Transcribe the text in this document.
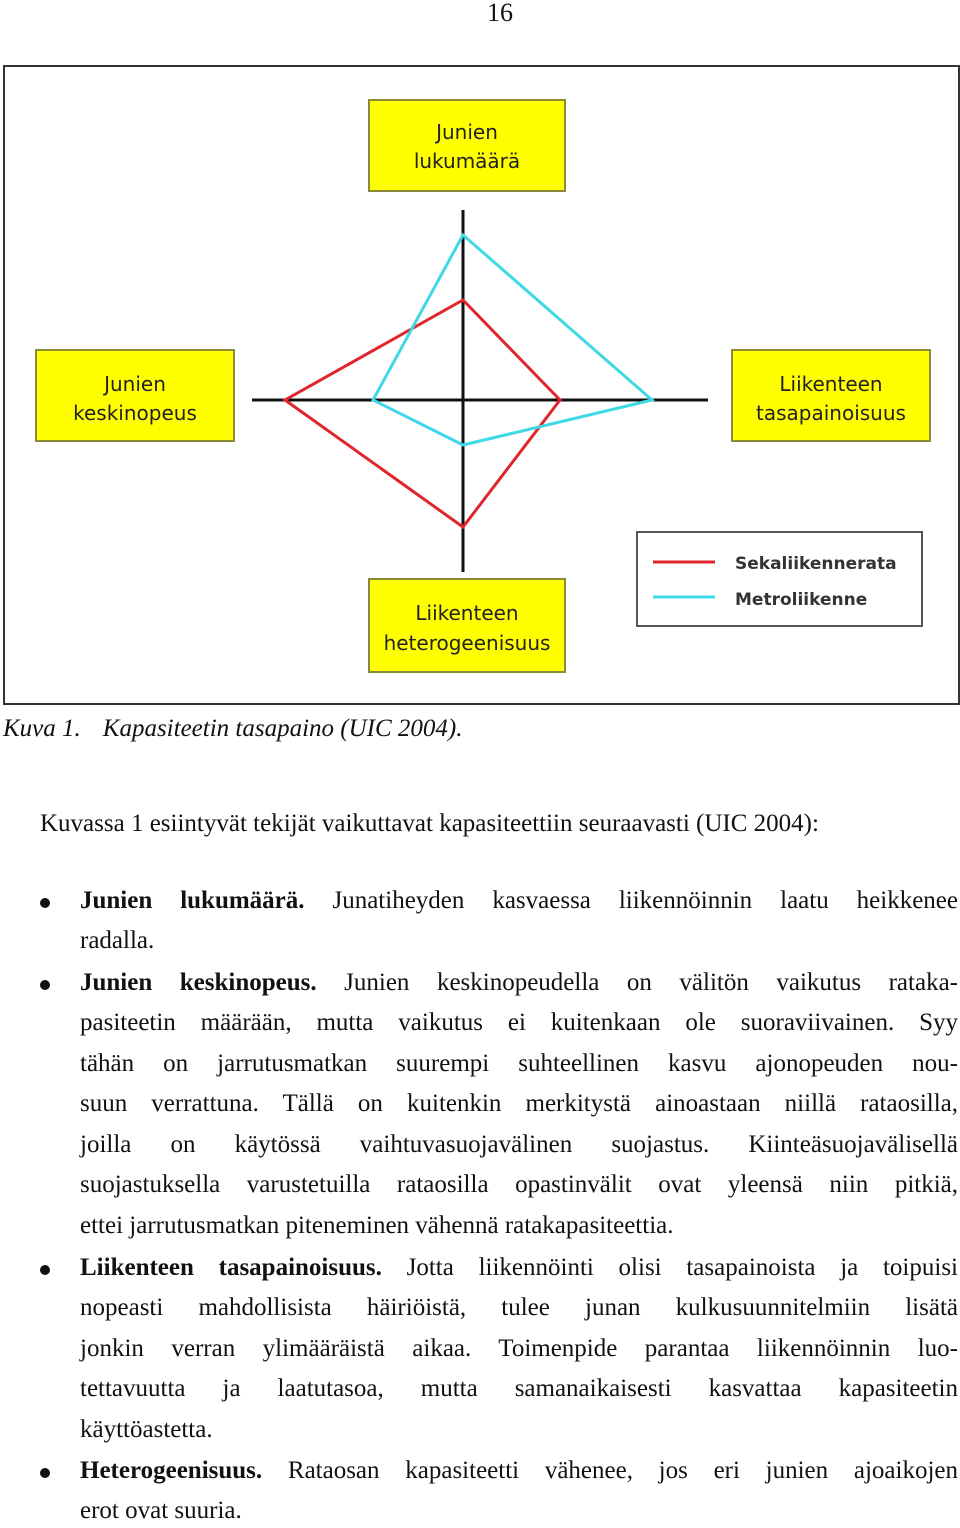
16
Junien
lukumäärä
Junien
keskinopeus
Liikenteen
tasapainoisuus
Liikenteen
heterogeenisuus
Sekaliikennerata
Metroliikenne
Kuva 1. Kapasiteetin tasapaino (UIC 2004).
Kuvassa 1 esiintyvät tekijät vaikuttavat kapasiteettiin seuraavasti (UIC 2004):
Junien lukumäärä. Junatiheyden kasvaessa liikennöinnin laatu heikkenee
radalla.
Junien keskinopeus. Junien keskinopeudella on välitön vaikutus rataka-
pasiteetin määrään, mutta vaikutus ei kuitenkaan ole suoraviivainen. Syy
tähän on jarrutusmatkan suurempi suhteellinen kasvu ajonopeuden nou-
suun verrattuna. Tällä on kuitenkin merkitystä ainoastaan niillä rataosilla,
joilla on käytössä vaihtuvasuojavälinen suojastus. Kiinteäsuojavälisellä
suojastuksella varustetuilla rataosilla opastinvälit ovat yleensä niin pitkiä,
ettei jarrutusmatkan piteneminen vähennä ratakapasiteettia.
Liikenteen tasapainoisuus. Jotta liikennöinti olisi tasapainoista ja toipuisi
nopeasti mahdollisista häiriöistä, tulee junan kulkusuunnitelmiin lisätä
jonkin verran ylimääräistä aikaa. Toimenpide parantaa liikennöinnin luo-
tettavuutta ja laatutasoa, mutta samanaikaisesti kasvattaa kapasiteetin
käyttöastetta.
Heterogeenisuus. Rataosan kapasiteetti vähenee, jos eri junien ajoaikojen
erot ovat suuria.
